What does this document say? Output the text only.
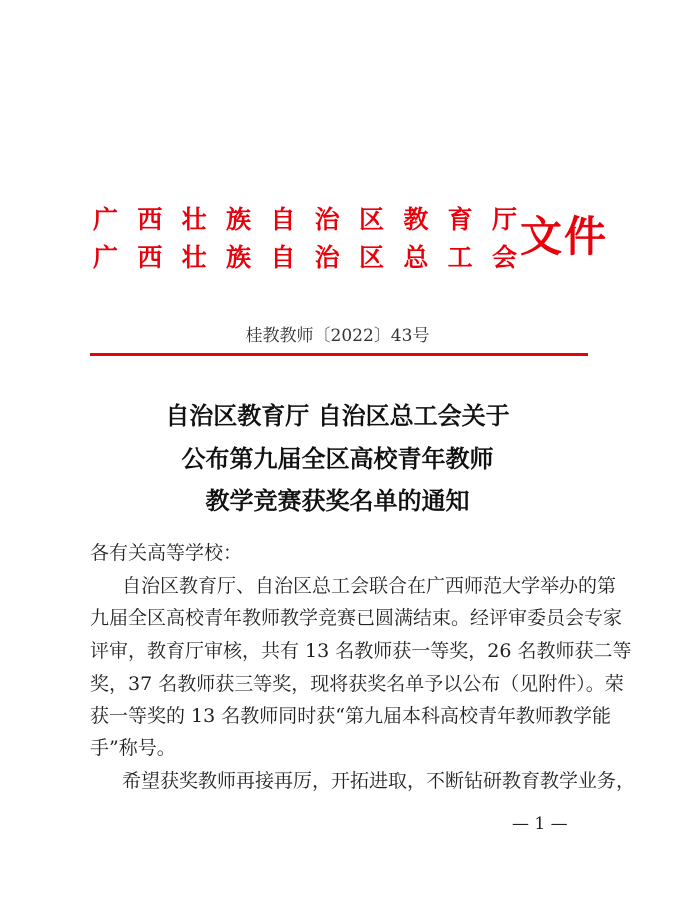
广西壮族自治区教育厅
广西壮族自治区总工会 文件
桂教教师〔2022〕43号
自治区教育厅 自治区总工会关于
公布第九届全区高校青年教师
教学竞赛获奖名单的通知
各有关高等学校：
自治区教育厅、自治区总工会联合在广西师范大学举办的第
九届全区高校青年教师教学竞赛已圆满结束。经评审委员会专家
评审，教育厅审核，共有 13 名教师获一等奖，26 名教师获二等
奖，37 名教师获三等奖，现将获奖名单予以公布（见附件）。荣
获一等奖的 13 名教师同时获“第九届本科高校青年教师教学能
手”称号。
希望获奖教师再接再厉，开拓进取，不断钻研教育教学业务，
— 1 —
